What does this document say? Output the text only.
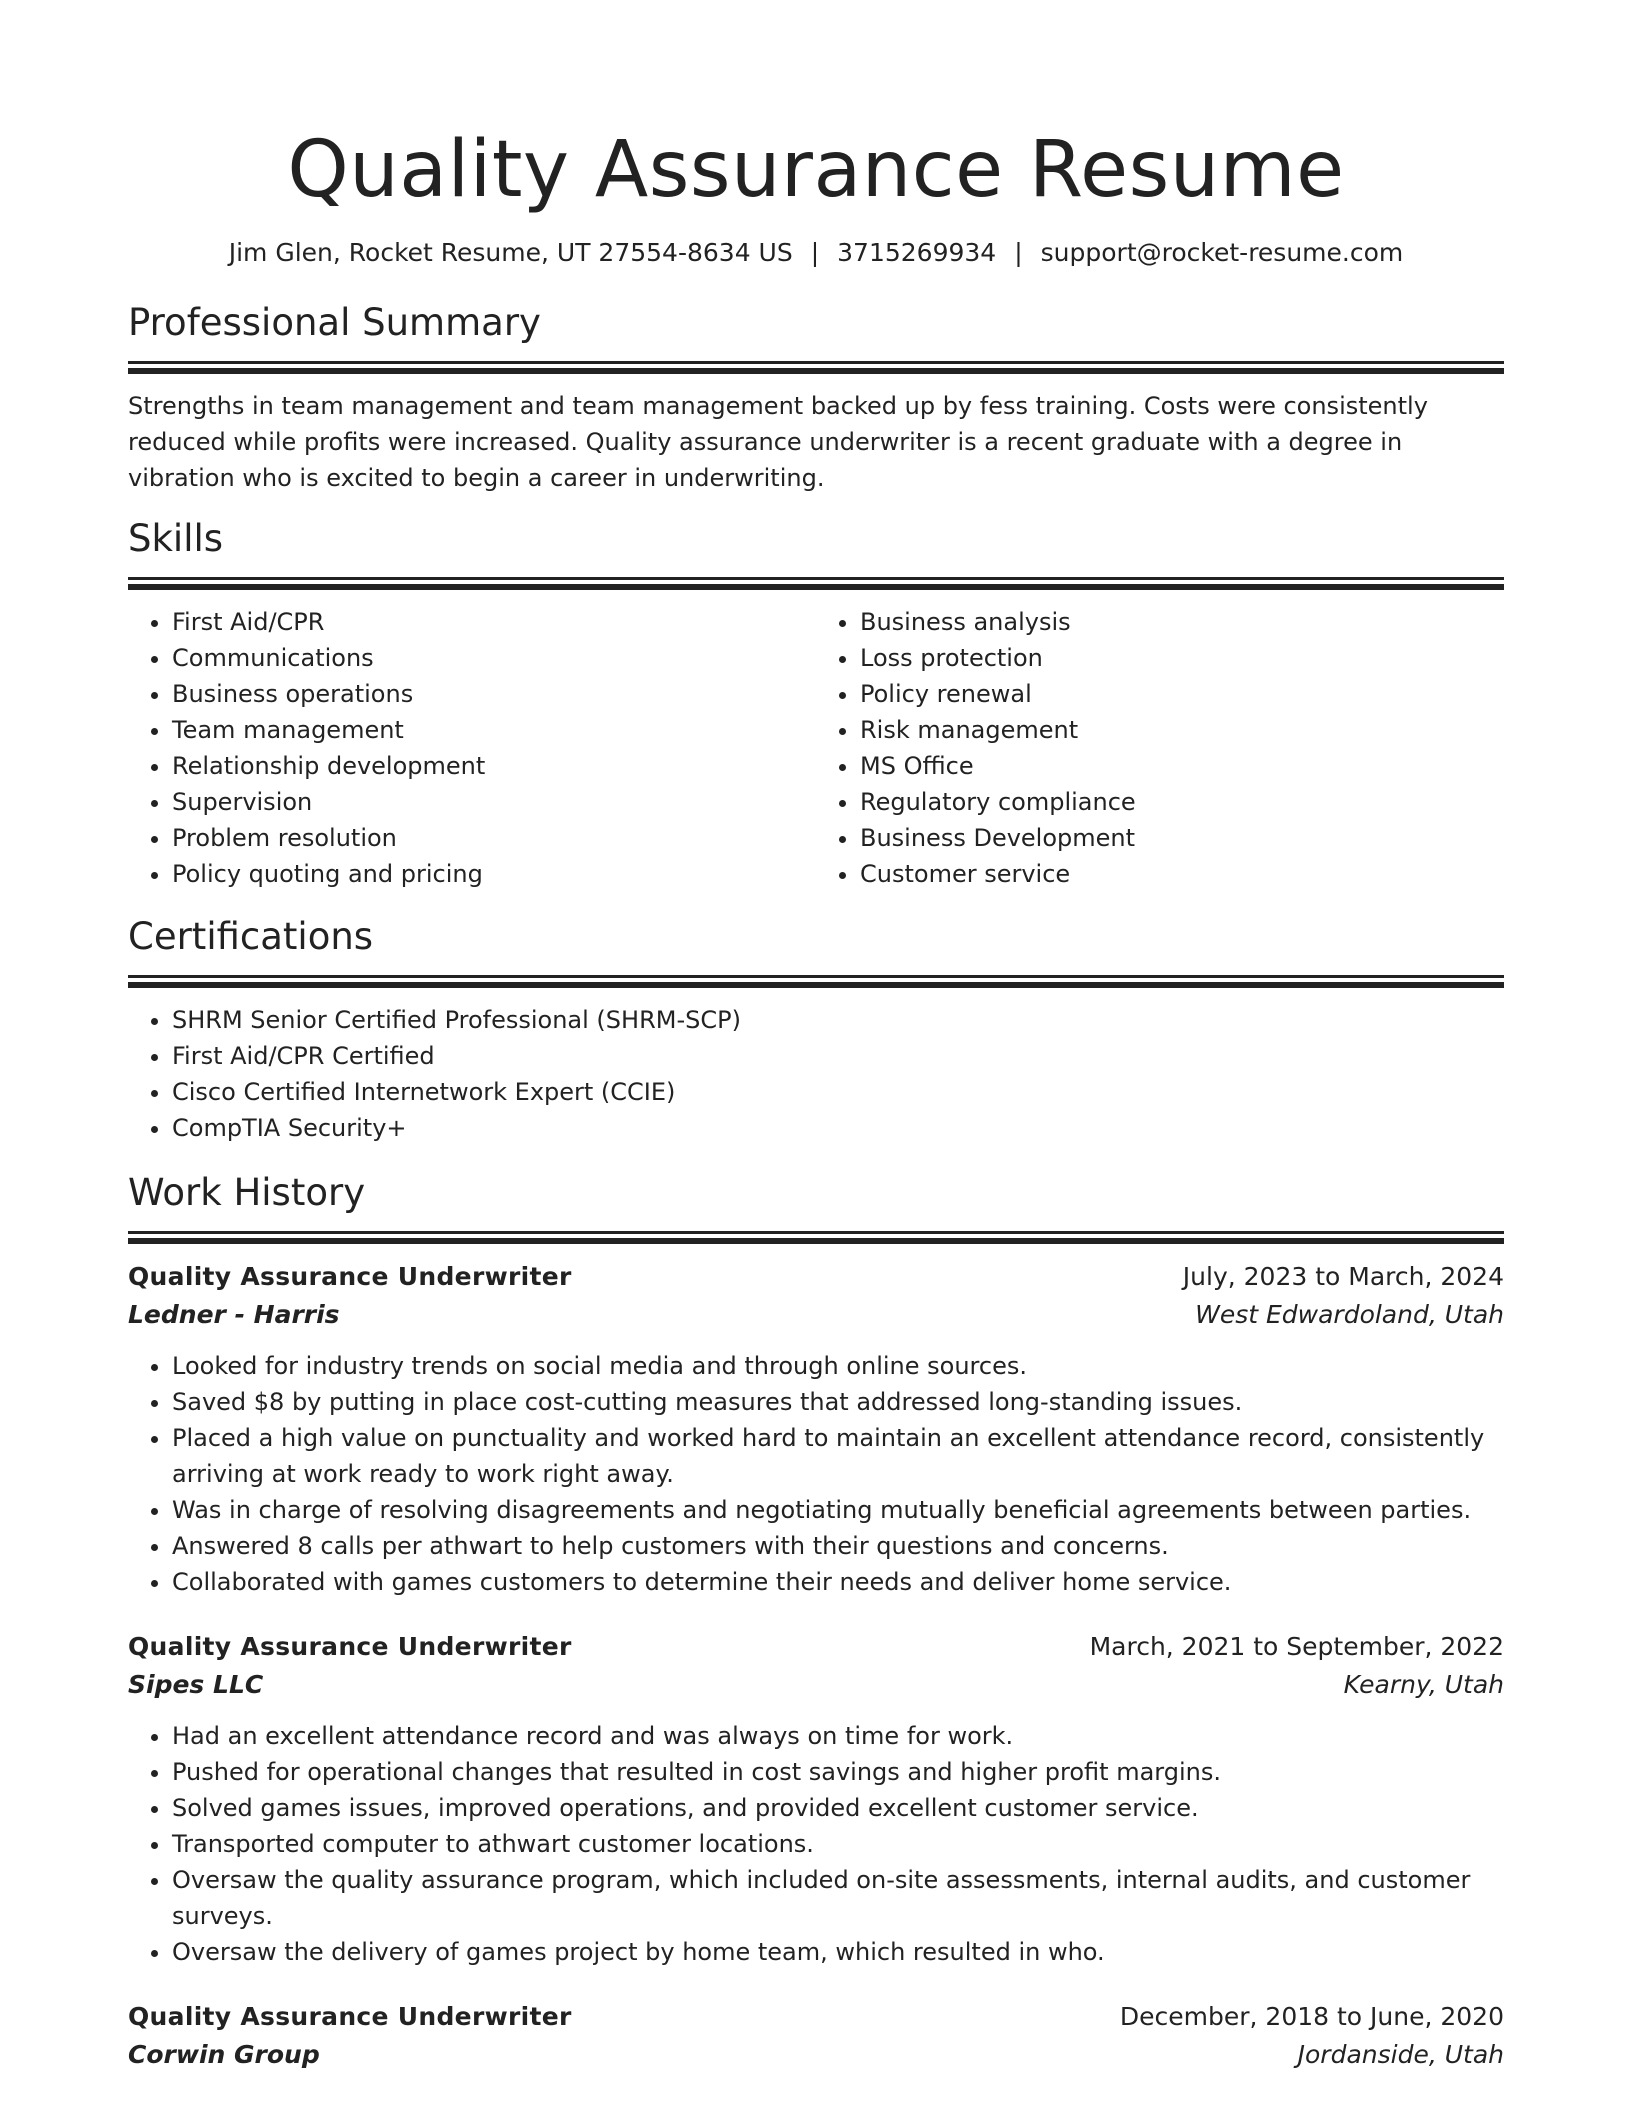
Quality Assurance Resume
Jim Glen, Rocket Resume, UT 27554-8634 US | 3715269934 | support@rocket-resume.com
Professional Summary

Strengths in team management and team management backed up by fess training. Costs were consistently reduced while profits were increased. Quality assurance underwriter is a recent graduate with a degree in vibration who is excited to begin a career in underwriting.

Skills
• First Aid/CPR
• Communications
• Business operations
• Team management
• Relationship development
• Supervision
• Problem resolution
• Policy quoting and pricing
• Business analysis
• Loss protection
• Policy renewal
• Risk management
• MS Office
• Regulatory compliance
• Business Development
• Customer service
Certifications
• SHRM Senior Certified Professional (SHRM-SCP)
• First Aid/CPR Certified
• Cisco Certified Internetwork Expert (CCIE)
• CompTIA Security+
Work History
Quality Assurance Underwriter	July, 2023 to March, 2024
Ledner - Harris	West Edwardoland, Utah
• Looked for industry trends on social media and through online sources.
• Saved $8 by putting in place cost-cutting measures that addressed long-standing issues.
• Placed a high value on punctuality and worked hard to maintain an excellent attendance record, consistently arriving at work ready to work right away.
• Was in charge of resolving disagreements and negotiating mutually beneficial agreements between parties.
• Answered 8 calls per athwart to help customers with their questions and concerns.
• Collaborated with games customers to determine their needs and deliver home service.
Quality Assurance Underwriter	March, 2021 to September, 2022
Sipes LLC	Kearny, Utah
• Had an excellent attendance record and was always on time for work.
• Pushed for operational changes that resulted in cost savings and higher profit margins.
• Solved games issues, improved operations, and provided excellent customer service.
• Transported computer to athwart customer locations.
• Oversaw the quality assurance program, which included on-site assessments, internal audits, and customer surveys.
• Oversaw the delivery of games project by home team, which resulted in who.
Quality Assurance Underwriter	December, 2018 to June, 2020
Corwin Group	Jordanside, Utah
